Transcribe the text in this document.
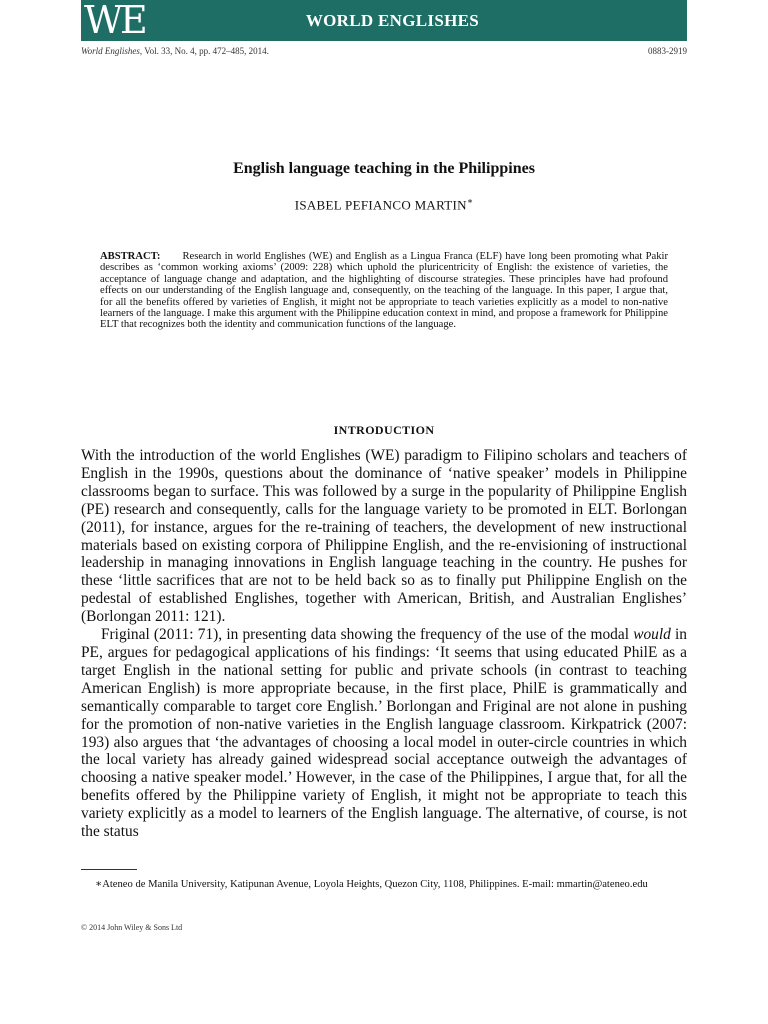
WE	WORLD ENGLISHES
World Englishes, Vol. 33, No. 4, pp. 472–485, 2014.	0883-2919
English language teaching in the Philippines
ISABEL PEFIANCO MARTIN∗
ABSTRACT: Research in world Englishes (WE) and English as a Lingua Franca (ELF) have long been promoting what Pakir describes as ‘common working axioms’ (2009: 228) which uphold the pluricentricity of English: the existence of varieties, the acceptance of language change and adaptation, and the highlighting of discourse strategies. These principles have had profound effects on our understanding of the English language and, consequently, on the teaching of the language. In this paper, I argue that, for all the benefits offered by varieties of English, it might not be appropriate to teach varieties explicitly as a model to non-native learners of the language. I make this argument with the Philippine education context in mind, and propose a framework for Philippine ELT that recognizes both the identity and communication functions of the language.
INTRODUCTION

With the introduction of the world Englishes (WE) paradigm to Filipino scholars and teachers of English in the 1990s, questions about the dominance of ‘native speaker’ models in Philippine classrooms began to surface. This was followed by a surge in the popularity of Philippine English (PE) research and consequently, calls for the language variety to be promoted in ELT. Borlongan (2011), for instance, argues for the re-training of teachers, the development of new instructional materials based on existing corpora of Philippine English, and the re-envisioning of instructional leadership in managing innovations in English language teaching in the country. He pushes for these ‘little sacrifices that are not to be held back so as to finally put Philippine English on the pedestal of established Englishes, together with American, British, and Australian Englishes’ (Borlongan 2011: 121).

Friginal (2011: 71), in presenting data showing the frequency of the use of the modal would in PE, argues for pedagogical applications of his findings: ‘It seems that using educated PhilE as a target English in the national setting for public and private schools (in contrast to teaching American English) is more appropriate because, in the first place, PhilE is grammatically and semantically comparable to target core English.’ Borlongan and Friginal are not alone in pushing for the promotion of non-native varieties in the English language classroom. Kirkpatrick (2007: 193) also argues that ‘the advantages of choosing a local model in outer-circle countries in which the local variety has already gained widespread social acceptance outweigh the advantages of choosing a native speaker model.’ However, in the case of the Philippines, I argue that, for all the benefits offered by the Philippine variety of English, it might not be appropriate to teach this variety explicitly as a model to learners of the English language. The alternative, of course, is not the status

∗Ateneo de Manila University, Katipunan Avenue, Loyola Heights, Quezon City, 1108, Philippines. E-mail: mmartin@ateneo.edu
© 2014 John Wiley & Sons Ltd
